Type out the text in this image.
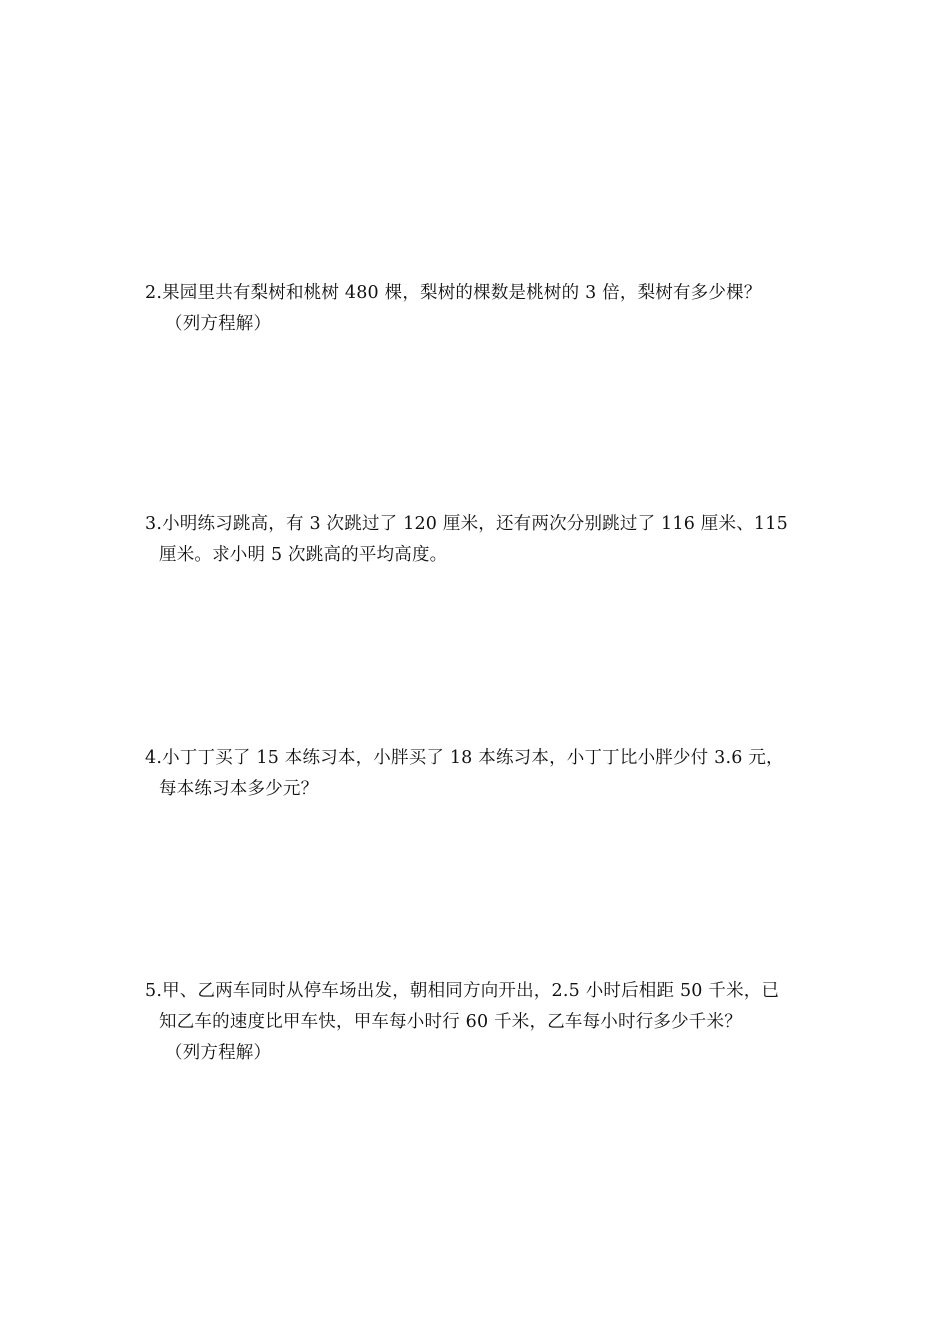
2.果园里共有梨树和桃树 480 棵，梨树的棵数是桃树的 3 倍，梨树有多少棵？
（列方程解）
3.小明练习跳高，有 3 次跳过了 120 厘米，还有两次分别跳过了 116 厘米、115
厘米。求小明 5 次跳高的平均高度。
4.小丁丁买了 15 本练习本，小胖买了 18 本练习本，小丁丁比小胖少付 3.6 元，
每本练习本多少元？
5.甲、乙两车同时从停车场出发，朝相同方向开出，2.5 小时后相距 50 千米，已
知乙车的速度比甲车快，甲车每小时行 60 千米，乙车每小时行多少千米？
（列方程解）
